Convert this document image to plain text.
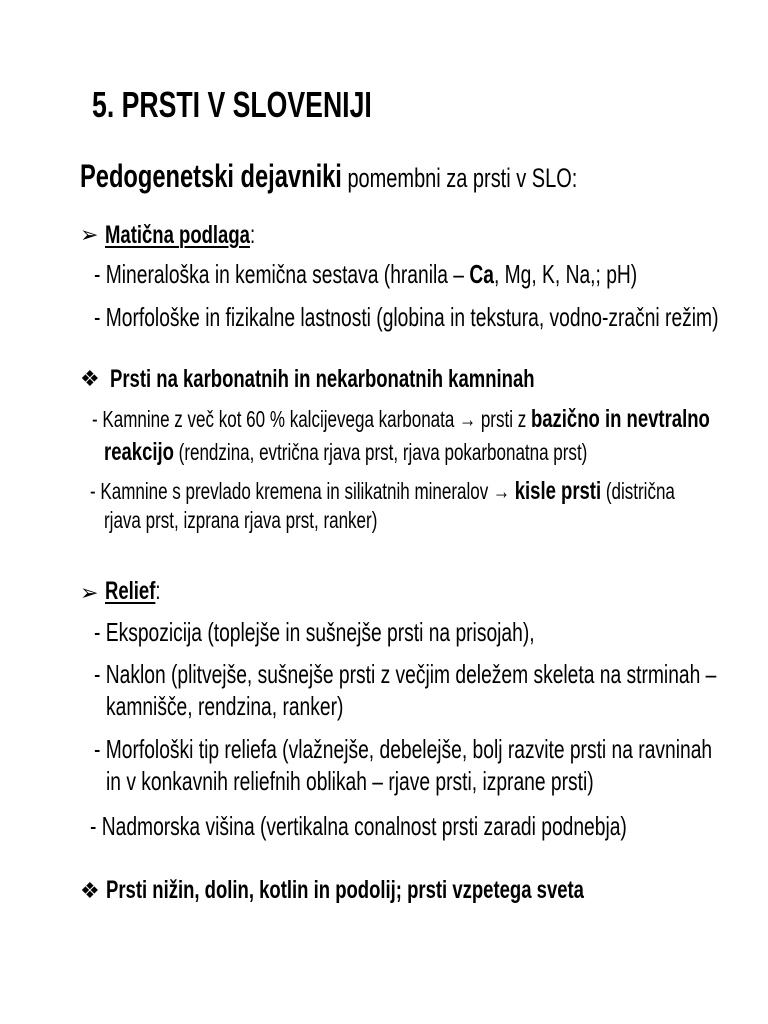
5. PRSTI V SLOVENIJI
Pedogenetski dejavniki pomembni za prsti v SLO:
➢ Matična podlaga:
- Mineraloška in kemična sestava (hranila – Ca, Mg, K, Na,; pH)
- Morfološke in fizikalne lastnosti (globina in tekstura, vodno-zračni režim)
❖ Prsti na karbonatnih in nekarbonatnih kamninah
- Kamnine z več kot 60 % kalcijevega karbonata → prsti z bazično in nevtralno
reakcijo (rendzina, evtrična rjava prst, rjava pokarbonatna prst)
- Kamnine s prevlado kremena in silikatnih mineralov → kisle prsti (distrična
rjava prst, izprana rjava prst, ranker)
➢ Relief:
- Ekspozicija (toplejše in sušnejše prsti na prisojah),
- Naklon (plitvejše, sušnejše prsti z večjim deležem skeleta na strminah –
kamnišče, rendzina, ranker)
- Morfološki tip reliefa (vlažnejše, debelejše, bolj razvite prsti na ravninah
in v konkavnih reliefnih oblikah – rjave prsti, izprane prsti)
- Nadmorska višina (vertikalna conalnost prsti zaradi podnebja)
❖ Prsti nižin, dolin, kotlin in podolij; prsti vzpetega sveta
